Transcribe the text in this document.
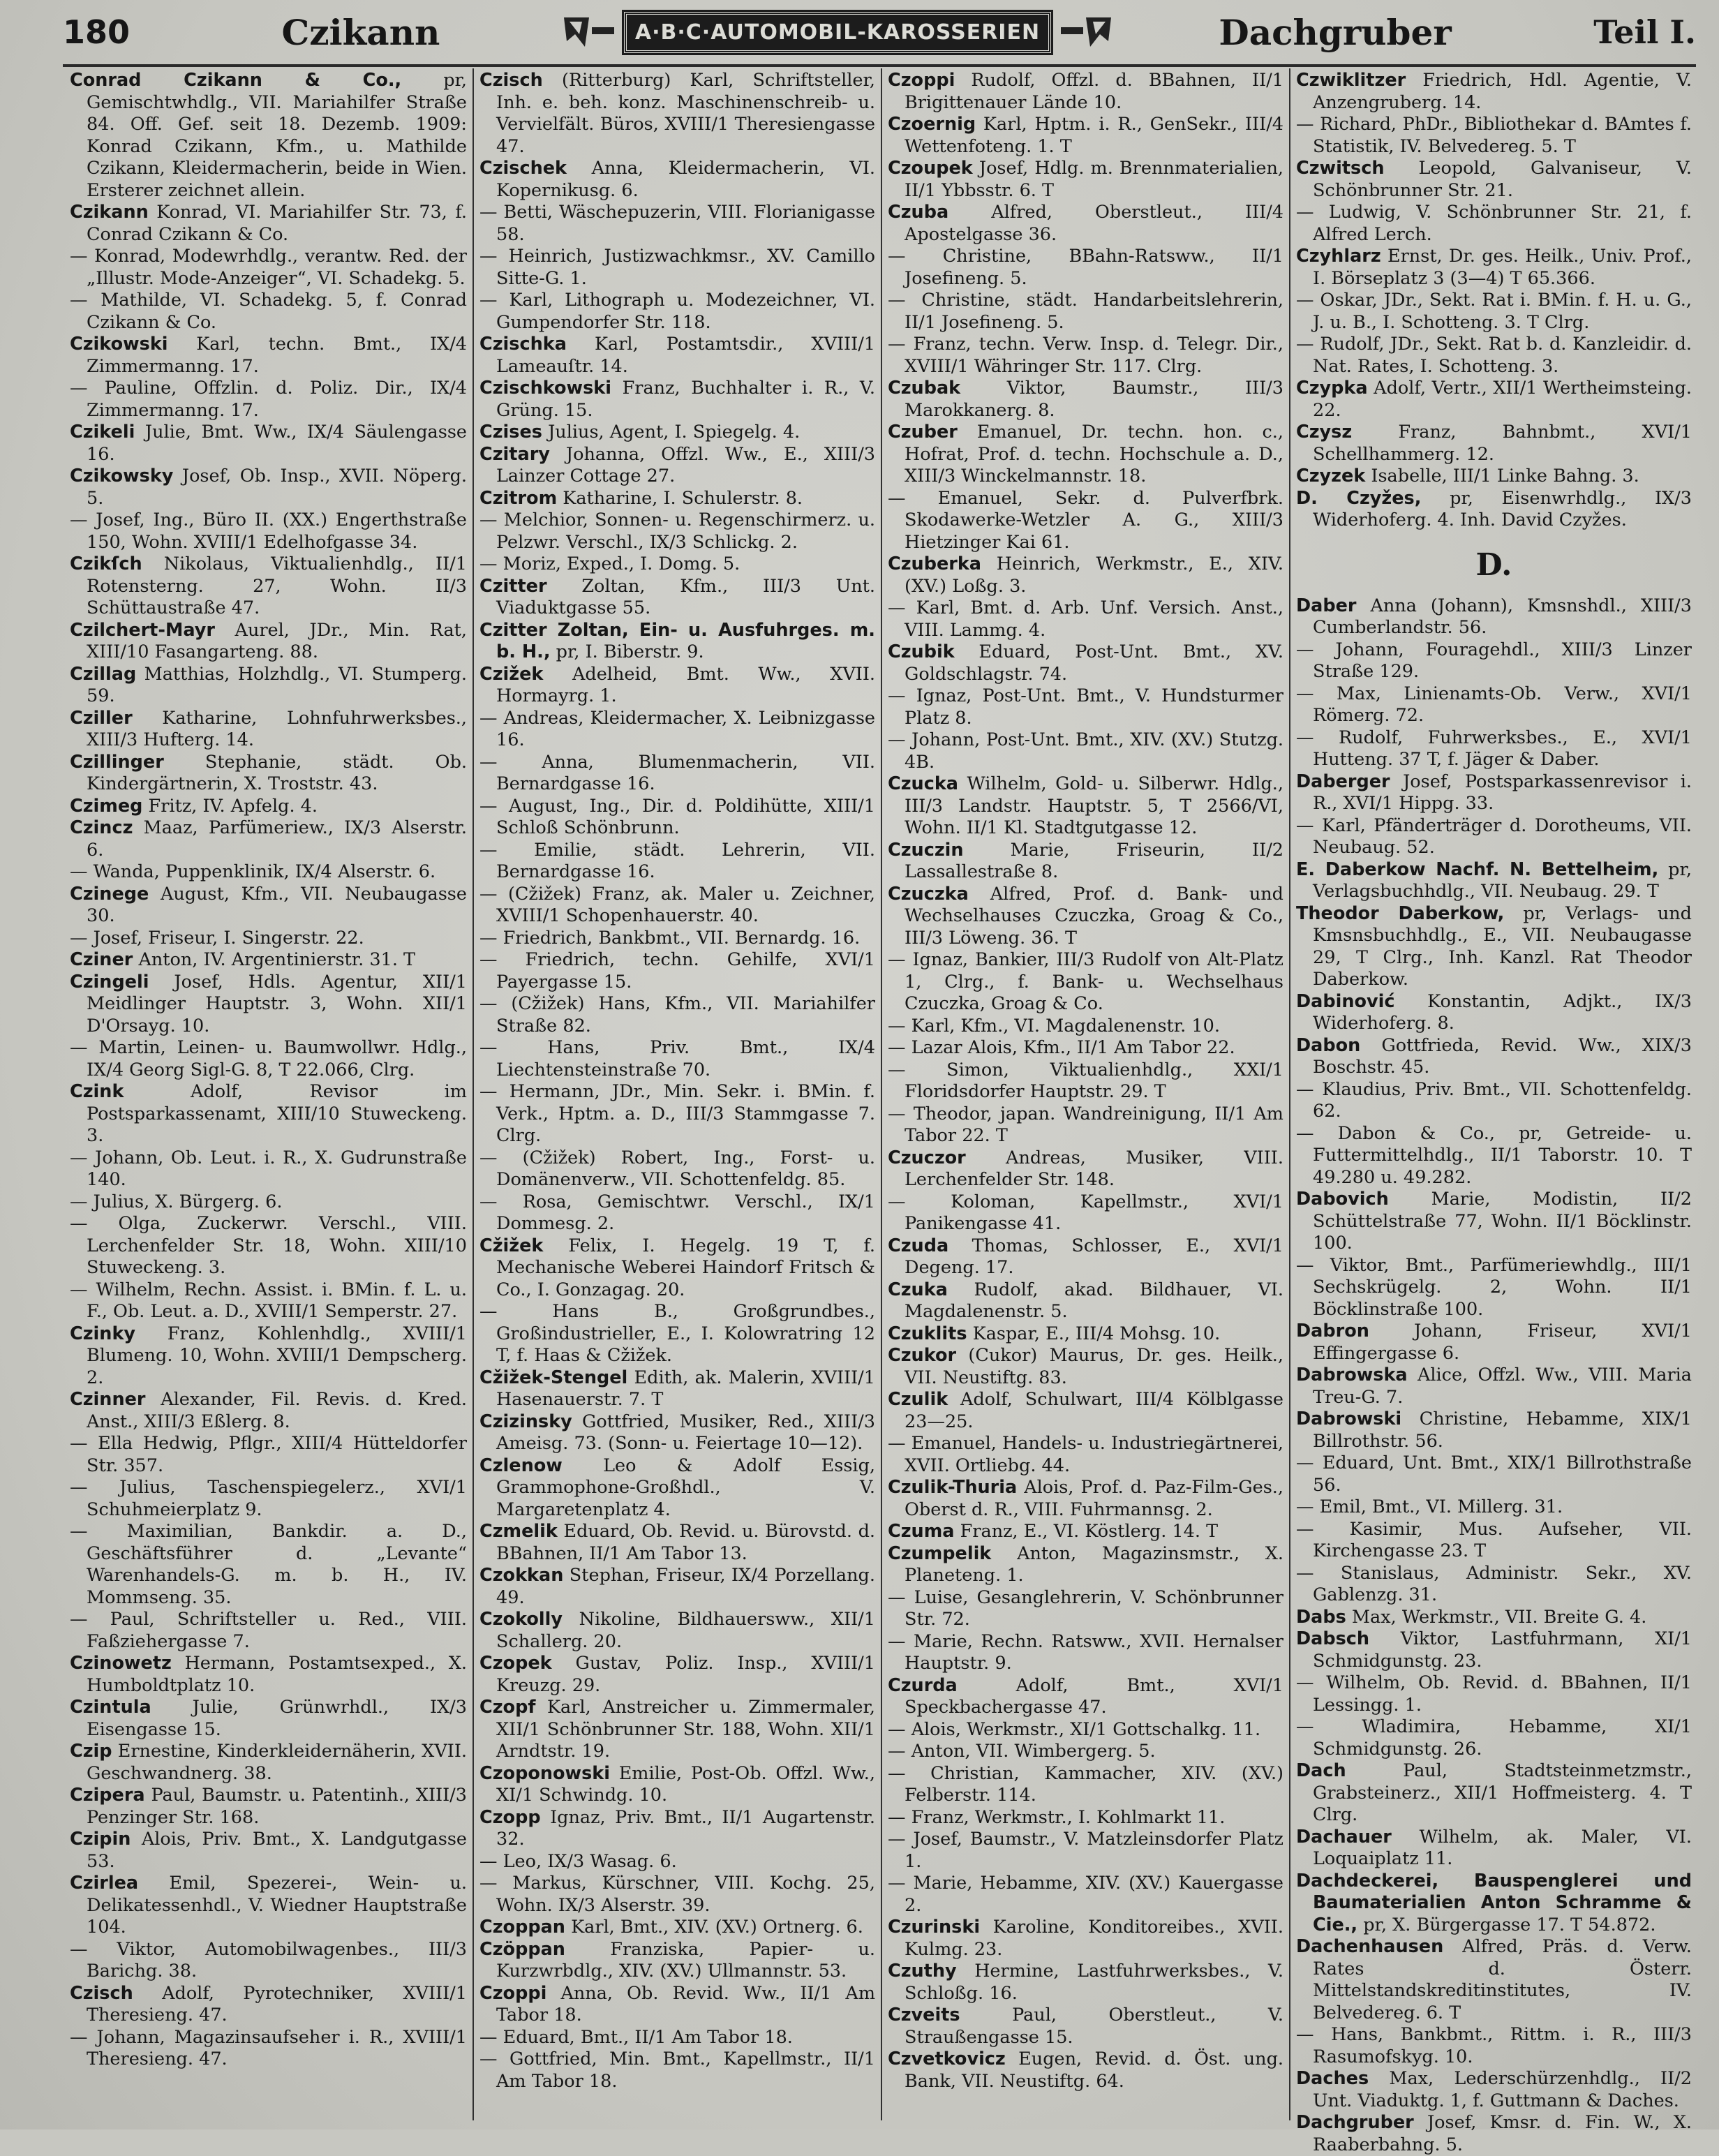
180	Czikann	A·B·C·AUTOMOBIL-KAROSSERIEN	Dachgruber	Teil I.
Conrad Czikann & Co., pr, Gemischtwhdlg., VII. Mariahilfer Straße 84. Off. Gef. seit 18. Dezemb. 1909: Konrad Czikann, Kfm., u. Mathilde Czikann, Kleidermacherin, beide in Wien. Ersterer zeichnet allein.
Czikann Konrad, VI. Mariahilfer Str. 73, f. Conrad Czikann & Co.
— Konrad, Modewrhdlg., verantw. Red. der „Illustr. Mode-Anzeiger“, VI. Schadekg. 5.
— Mathilde, VI. Schadekg. 5, f. Conrad Czikann & Co.
Czikowski Karl, techn. Bmt., IX/4 Zimmermanng. 17.
— Pauline, Offzlin. d. Poliz. Dir., IX/4 Zimmermanng. 17.
Czikeli Julie, Bmt. Ww., IX/4 Säulengasse 16.
Czikowsky Josef, Ob. Insp., XVII. Nöperg. 5.
— Josef, Ing., Büro II. (XX.) Engerthstraße 150, Wohn. XVIII/1 Edelhofgasse 34.
Czikſch Nikolaus, Viktualienhdlg., II/1 Rotensterng. 27, Wohn. II/3 Schüttaustraße 47.
Czilchert-Mayr Aurel, JDr., Min. Rat, XIII/10 Fasangarteng. 88.
Czillag Matthias, Holzhdlg., VI. Stumperg. 59.
Cziller Katharine, Lohnfuhrwerksbes., XIII/3 Hufterg. 14.
Czillinger Stephanie, städt. Ob. Kindergärtnerin, X. Troststr. 43.
Czimeg Fritz, IV. Apfelg. 4.
Czincz Maaz, Parfümeriew., IX/3 Alserstr. 6.
— Wanda, Puppenklinik, IX/4 Alserstr. 6.
Czinege August, Kfm., VII. Neubaugasse 30.
— Josef, Friseur, I. Singerstr. 22.
Cziner Anton, IV. Argentinierstr. 31. T
Czingeli Josef, Hdls. Agentur, XII/1 Meidlinger Hauptstr. 3, Wohn. XII/1 D'Orsayg. 10.
— Martin, Leinen- u. Baumwollwr. Hdlg., IX/4 Georg Sigl-G. 8, T 22.066, Clrg.
Czink	Adolf, Revisor im Postsparkassenamt, XIII/10 Stuweckeng. 3.
— Johann, Ob. Leut. i. R., X. Gudrunstraße 140.
— Julius, X. Bürgerg. 6.
— Olga, Zuckerwr. Verschl., VIII. Lerchenfelder Str. 18, Wohn. XIII/10 Stuweckeng. 3.
— Wilhelm, Rechn. Assist. i. BMin. f. L. u. F., Ob. Leut. a. D., XVIII/1 Semperstr. 27.
Czinky Franz, Kohlenhdlg., XVIII/1 Blumeng. 10, Wohn. XVIII/1 Dempscherg. 2.
Czinner Alexander, Fil. Revis. d. Kred. Anst., XIII/3 Eßlerg. 8.
— Ella Hedwig, Pflgr., XIII/4 Hütteldorfer Str. 357.
— Julius, Taschenspiegelerz., XVI/1 Schuhmeierplatz 9.
— Maximilian, Bankdir. a. D., Geschäftsführer d. „Levante“ Warenhandels-G. m. b. H., IV. Mommseng. 35.
— Paul, Schriftsteller u. Red., VIII. Faßziehergasse 7.
Czinowetz Hermann, Postamtsexped., X. Humboldtplatz 10.
Czintula Julie, Grünwrhdl., IX/3 Eisengasse 15.
Czip Ernestine, Kinderkleidernäherin, XVII. Geschwandnerg. 38.
Czipera Paul, Baumstr. u. Patentinh., XIII/3 Penzinger Str. 168.
Czipin Alois, Priv. Bmt., X. Landgutgasse 53.
Czirlea Emil, Spezerei-, Wein- u. Delikatessenhdl., V. Wiedner Hauptstraße 104.
— Viktor, Automobilwagenbes., III/3 Barichg. 38.
Czisch Adolf, Pyrotechniker, XVIII/1 Theresieng. 47.
— Johann, Magazinsaufseher i. R., XVIII/1 Theresieng. 47.
Czisch (Ritterburg) Karl, Schriftsteller, Inh. e. beh. konz. Maschinenschreib- u. Vervielfält. Büros, XVIII/1 Theresiengasse 47.
Czischek Anna, Kleidermacherin, VI. Kopernikusg. 6.
— Betti, Wäschepuzerin, VIII. Florianigasse 58.
— Heinrich, Justizwachkmsr., XV. Camillo Sitte-G. 1.
— Karl, Lithograph u. Modezeichner, VI. Gumpendorfer Str. 118.
Czischka Karl, Postamtsdir., XVIII/1 Lameauſtr. 14.
Czischkowski Franz, Buchhalter i. R., V. Grüng. 15.
Czises Julius, Agent, I. Spiegelg. 4.
Czitary Johanna, Offzl. Ww., E., XIII/3 Lainzer Cottage 27.
Czitrom Katharine, I. Schulerstr. 8.
— Melchior, Sonnen- u. Regenschirmerz. u. Pelzwr. Verschl., IX/3 Schlickg. 2.
— Moriz, Exped., I. Domg. 5.
Czitter Zoltan, Kfm., III/3 Unt. Viaduktgasse 55.
Czitter Zoltan, Ein- u. Ausfuhrges. m. b. H., pr, I. Biberstr. 9.
Czižek Adelheid, Bmt. Ww., XVII. Hormayrg. 1.
— Andreas, Kleidermacher, X. Leibnizgasse 16.
— Anna, Blumenmacherin, VII. Bernardgasse 16.
— August, Ing., Dir. d. Poldihütte, XIII/1 Schloß Schönbrunn.
— Emilie, städt. Lehrerin, VII. Bernardgasse 16.
— (Cžižek) Franz, ak. Maler u. Zeichner, XVIII/1 Schopenhauerstr. 40.
— Friedrich, Bankbmt., VII. Bernardg. 16.
— Friedrich, techn. Gehilfe, XVI/1 Payergasse 15.
— (Cžižek) Hans, Kfm., VII. Mariahilfer Straße 82.
— Hans, Priv. Bmt., IX/4 Liechtensteinstraße 70.
— Hermann, JDr., Min. Sekr. i. BMin. f. Verk., Hptm. a. D., III/3 Stammgasse 7. Clrg.
— (Cžižek) Robert, Ing., Forst- u. Domänenverw., VII. Schottenfeldg. 85.
— Rosa, Gemischtwr. Verschl., IX/1 Dommesg. 2.
Cžižek Felix, I. Hegelg. 19 T, f. Mechanische Weberei Haindorf Fritsch & Co., I. Gonzagag. 20.
— Hans B., Großgrundbes., Großindustrieller, E., I. Kolowratring 12 T, f. Haas & Cžižek.
Cžižek-Stengel Edith, ak. Malerin, XVIII/1 Hasenauerstr. 7. T
Czizinsky Gottfried, Musiker, Red., XIII/3 Ameisg. 73. (Sonn- u. Feiertage 10—12).
Czlenow Leo & Adolf Essig, Grammophone-Großhdl., V. Margaretenplatz 4.
Czmelik Eduard, Ob. Revid. u. Bürovstd. d. BBahnen, II/1 Am Tabor 13.
Czokkan Stephan, Friseur, IX/4 Porzellang. 49.
Czokolly Nikoline, Bildhauersww., XII/1 Schallerg. 20.
Czopek Gustav, Poliz. Insp., XVIII/1 Kreuzg. 29.
Czopf Karl, Anstreicher u. Zimmermaler, XII/1 Schönbrunner Str. 188, Wohn. XII/1 Arndtstr. 19.
Czoponowski Emilie, Post-Ob. Offzl. Ww., XI/1 Schwindg. 10.
Czopp Ignaz, Priv. Bmt., II/1 Augartenstr. 32.
— Leo, IX/3 Wasag. 6.
— Markus, Kürschner, VIII. Kochg. 25, Wohn. IX/3 Alserstr. 39.
Czoppan Karl, Bmt., XIV. (XV.) Ortnerg. 6.
Czöppan	Franziska, Papier- u. Kurzwrbdlg., XIV. (XV.) Ullmannstr. 53.
Czoppi Anna, Ob. Revid. Ww., II/1 Am Tabor 18.
— Eduard, Bmt., II/1 Am Tabor 18.
— Gottfried, Min. Bmt., Kapellmstr., II/1 Am Tabor 18.
Czoppi Rudolf, Offzl. d. BBahnen, II/1 Brigittenauer Lände 10.
Czoernig Karl, Hptm. i. R., GenSekr., III/4 Wettenfoteng. 1. T
Czoupek Josef, Hdlg. m. Brennmaterialien, II/1 Ybbsstr. 6. T
Czuba Alfred, Oberstleut., III/4 Apostelgasse 36.
— Christine, BBahn-Ratsww., II/1 Josefineng. 5.
— Christine, städt. Handarbeitslehrerin, II/1 Josefineng. 5.
— Franz, techn. Verw. Insp. d. Telegr. Dir., XVIII/1 Währinger Str. 117. Clrg.
Czubak	Viktor, Baumstr., III/3 Marokkanerg. 8.
Czuber Emanuel, Dr. techn. hon. c., Hofrat, Prof. d. techn. Hochschule a. D., XIII/3 Winckelmannstr. 18.
— Emanuel, Sekr. d. Pulverfbrk. Skodawerke-Wetzler A. G., XIII/3 Hietzinger Kai 61.
Czuberka Heinrich, Werkmstr., E., XIV. (XV.) Loßg. 3.
— Karl, Bmt. d. Arb. Unf. Versich. Anst., VIII. Lammg. 4.
Czubik Eduard, Post-Unt. Bmt., XV. Goldschlagstr. 74.
— Ignaz, Post-Unt. Bmt., V. Hundsturmer Platz 8.
— Johann, Post-Unt. Bmt., XIV. (XV.) Stutzg. 4B.
Czucka Wilhelm, Gold- u. Silberwr. Hdlg., III/3 Landstr. Hauptstr. 5, T 2566/VI, Wohn. II/1 Kl. Stadtgutgasse 12.
Czuczin	Marie, Friseurin, II/2 Lassallestraße 8.
Czuczka Alfred, Prof. d. Bank- und Wechselhauses Czuczka, Groag & Co., III/3 Löweng. 36. T
— Ignaz, Bankier, III/3 Rudolf von Alt-Platz 1, Clrg., f. Bank- u. Wechselhaus Czuczka, Groag & Co.
— Karl, Kfm., VI. Magdalenenstr. 10.
— Lazar Alois, Kfm., II/1 Am Tabor 22.
— Simon, Viktualienhdlg., XXI/1 Floridsdorfer Hauptstr. 29. T
— Theodor, japan. Wandreinigung, II/1 Am Tabor 22. T
Czuczor Andreas, Musiker, VIII. Lerchenfelder Str. 148.
— Koloman, Kapellmstr., XVI/1 Panikengasse 41.
Czuda Thomas, Schlosser, E., XVI/1 Degeng. 17.
Czuka Rudolf, akad. Bildhauer, VI. Magdalenenstr. 5.
Czuklits Kaspar, E., III/4 Mohsg. 10.
Czukor (Cukor) Maurus, Dr. ges. Heilk., VII. Neustiftg. 83.
Czulik Adolf, Schulwart, III/4 Kölblgasse 23—25.
— Emanuel, Handels- u. Industriegärtnerei, XVII. Ortliebg. 44.
Czulik-Thuria Alois, Prof. d. Paz-Film-Ges., Oberst d. R., VIII. Fuhrmannsg. 2.
Czuma Franz, E., VI. Köstlerg. 14. T
Czumpelik Anton, Magazinsmstr., X. Planeteng. 1.
— Luise, Gesanglehrerin, V. Schönbrunner Str. 72.
— Marie, Rechn. Ratsww., XVII. Hernalser Hauptstr. 9.
Czurda	Adolf, Bmt., XVI/1 Speckbachergasse 47.
— Alois, Werkmstr., XI/1 Gottschalkg. 11.
— Anton, VII. Wimbergerg. 5.
— Christian, Kammacher, XIV. (XV.) Felberstr. 114.
— Franz, Werkmstr., I. Kohlmarkt 11.
— Josef, Baumstr., V. Matzleinsdorfer Platz 1.
— Marie, Hebamme, XIV. (XV.) Kauergasse 2.
Czurinski Karoline, Konditoreibes., XVII. Kulmg. 23.
Czuthy Hermine, Lastfuhrwerksbes., V. Schloßg. 16.
Czveits	Paul, Oberstleut., V. Straußengasse 15.
Czvetkovicz Eugen, Revid. d. Öst. ung. Bank, VII. Neustiftg. 64.
Czwiklitzer Friedrich, Hdl. Agentie, V. Anzengruberg. 14.
— Richard, PhDr., Bibliothekar d. BAmtes f. Statistik, IV. Belvedereg. 5. T
Czwitsch Leopold, Galvaniseur, V. Schönbrunner Str. 21.
— Ludwig, V. Schönbrunner Str. 21, f. Alfred Lerch.
Czyhlarz Ernst, Dr. ges. Heilk., Univ. Prof., I. Börseplatz 3 (3—4) T 65.366.
— Oskar, JDr., Sekt. Rat i. BMin. f. H. u. G., J. u. B., I. Schotteng. 3. T Clrg.
— Rudolf, JDr., Sekt. Rat b. d. Kanzleidir. d. Nat. Rates, I. Schotteng. 3.
Czypka Adolf, Vertr., XII/1 Wertheimsteing. 22.
Czysz	Franz, Bahnbmt., XVI/1 Schellhammerg. 12.
Czyzek Isabelle, III/1 Linke Bahng. 3.
D. Czyžes, pr, Eisenwrhdlg., IX/3 Widerhoferg. 4. Inh. David Czyžes.
D.
Daber Anna (Johann), Kmsnshdl., XIII/3 Cumberlandstr. 56.
— Johann, Fouragehdl., XIII/3 Linzer Straße 129.
— Max, Linienamts-Ob. Verw., XVI/1 Römerg. 72.
— Rudolf, Fuhrwerksbes., E., XVI/1 Hutteng. 37 T, f. Jäger & Daber.
Daberger Josef, Postsparkassenrevisor i. R., XVI/1 Hippg. 33.
— Karl, Pfänderträger d. Dorotheums, VII. Neubaug. 52.
E. Daberkow Nachf. N. Bettelheim, pr, Verlagsbuchhdlg., VII. Neubaug. 29. T
Theodor Daberkow, pr, Verlags- und Kmsnsbuchhdlg., E., VII. Neubaugasse 29, T Clrg., Inh. Kanzl. Rat Theodor Daberkow.
Dabinović Konstantin, Adjkt., IX/3 Widerhoferg. 8.
Dabon Gottfrieda, Revid. Ww., XIX/3 Boschstr. 45.
— Klaudius, Priv. Bmt., VII. Schottenfeldg. 62.
— Dabon & Co., pr, Getreide- u. Futtermittelhdlg., II/1 Taborstr. 10. T 49.280 u. 49.282.
Dabovich Marie, Modistin, II/2 Schüttelstraße 77, Wohn. II/1 Böcklinstr. 100.
— Viktor, Bmt., Parfümeriewhdlg., III/1 Sechskrügelg. 2, Wohn. II/1 Böcklinstraße 100.
Dabron	Johann, Friseur, XVI/1 Effingergasse 6.
Dabrowska Alice, Offzl. Ww., VIII. Maria Treu-G. 7.
Dabrowski Christine, Hebamme, XIX/1 Billrothstr. 56.
— Eduard, Unt. Bmt., XIX/1 Billrothstraße 56.
— Emil, Bmt., VI. Millerg. 31.
— Kasimir, Mus. Aufseher, VII. Kirchengasse 23. T
— Stanislaus, Administr. Sekr., XV. Gablenzg. 31.
Dabs Max, Werkmstr., VII. Breite G. 4.
Dabsch Viktor, Lastfuhrmann, XI/1 Schmidgunstg. 23.
— Wilhelm, Ob. Revid. d. BBahnen, II/1 Lessingg. 1.
— Wladimira, Hebamme, XI/1 Schmidgunstg. 26.
Dach	Paul, Stadtsteinmetzmstr., Grabsteinerz., XII/1 Hoffmeisterg. 4. T Clrg.
Dachauer Wilhelm, ak. Maler, VI. Loquaiplatz 11.
Dachdeckerei, Bauspenglerei und Baumaterialien Anton Schramme & Cie., pr, X. Bürgergasse 17. T 54.872.
Dachenhausen Alfred, Präs. d. Verw. Rates d. Österr. Mittelstandskreditinstitutes, IV. Belvedereg. 6. T
— Hans, Bankbmt., Rittm. i. R., III/3 Rasumofskyg. 10.
Daches Max, Lederschürzenhdlg., II/2 Unt. Viaduktg. 1, f. Guttmann & Daches.
Dachgruber Josef, Kmsr. d. Fin. W., X. Raaberbahng. 5.
